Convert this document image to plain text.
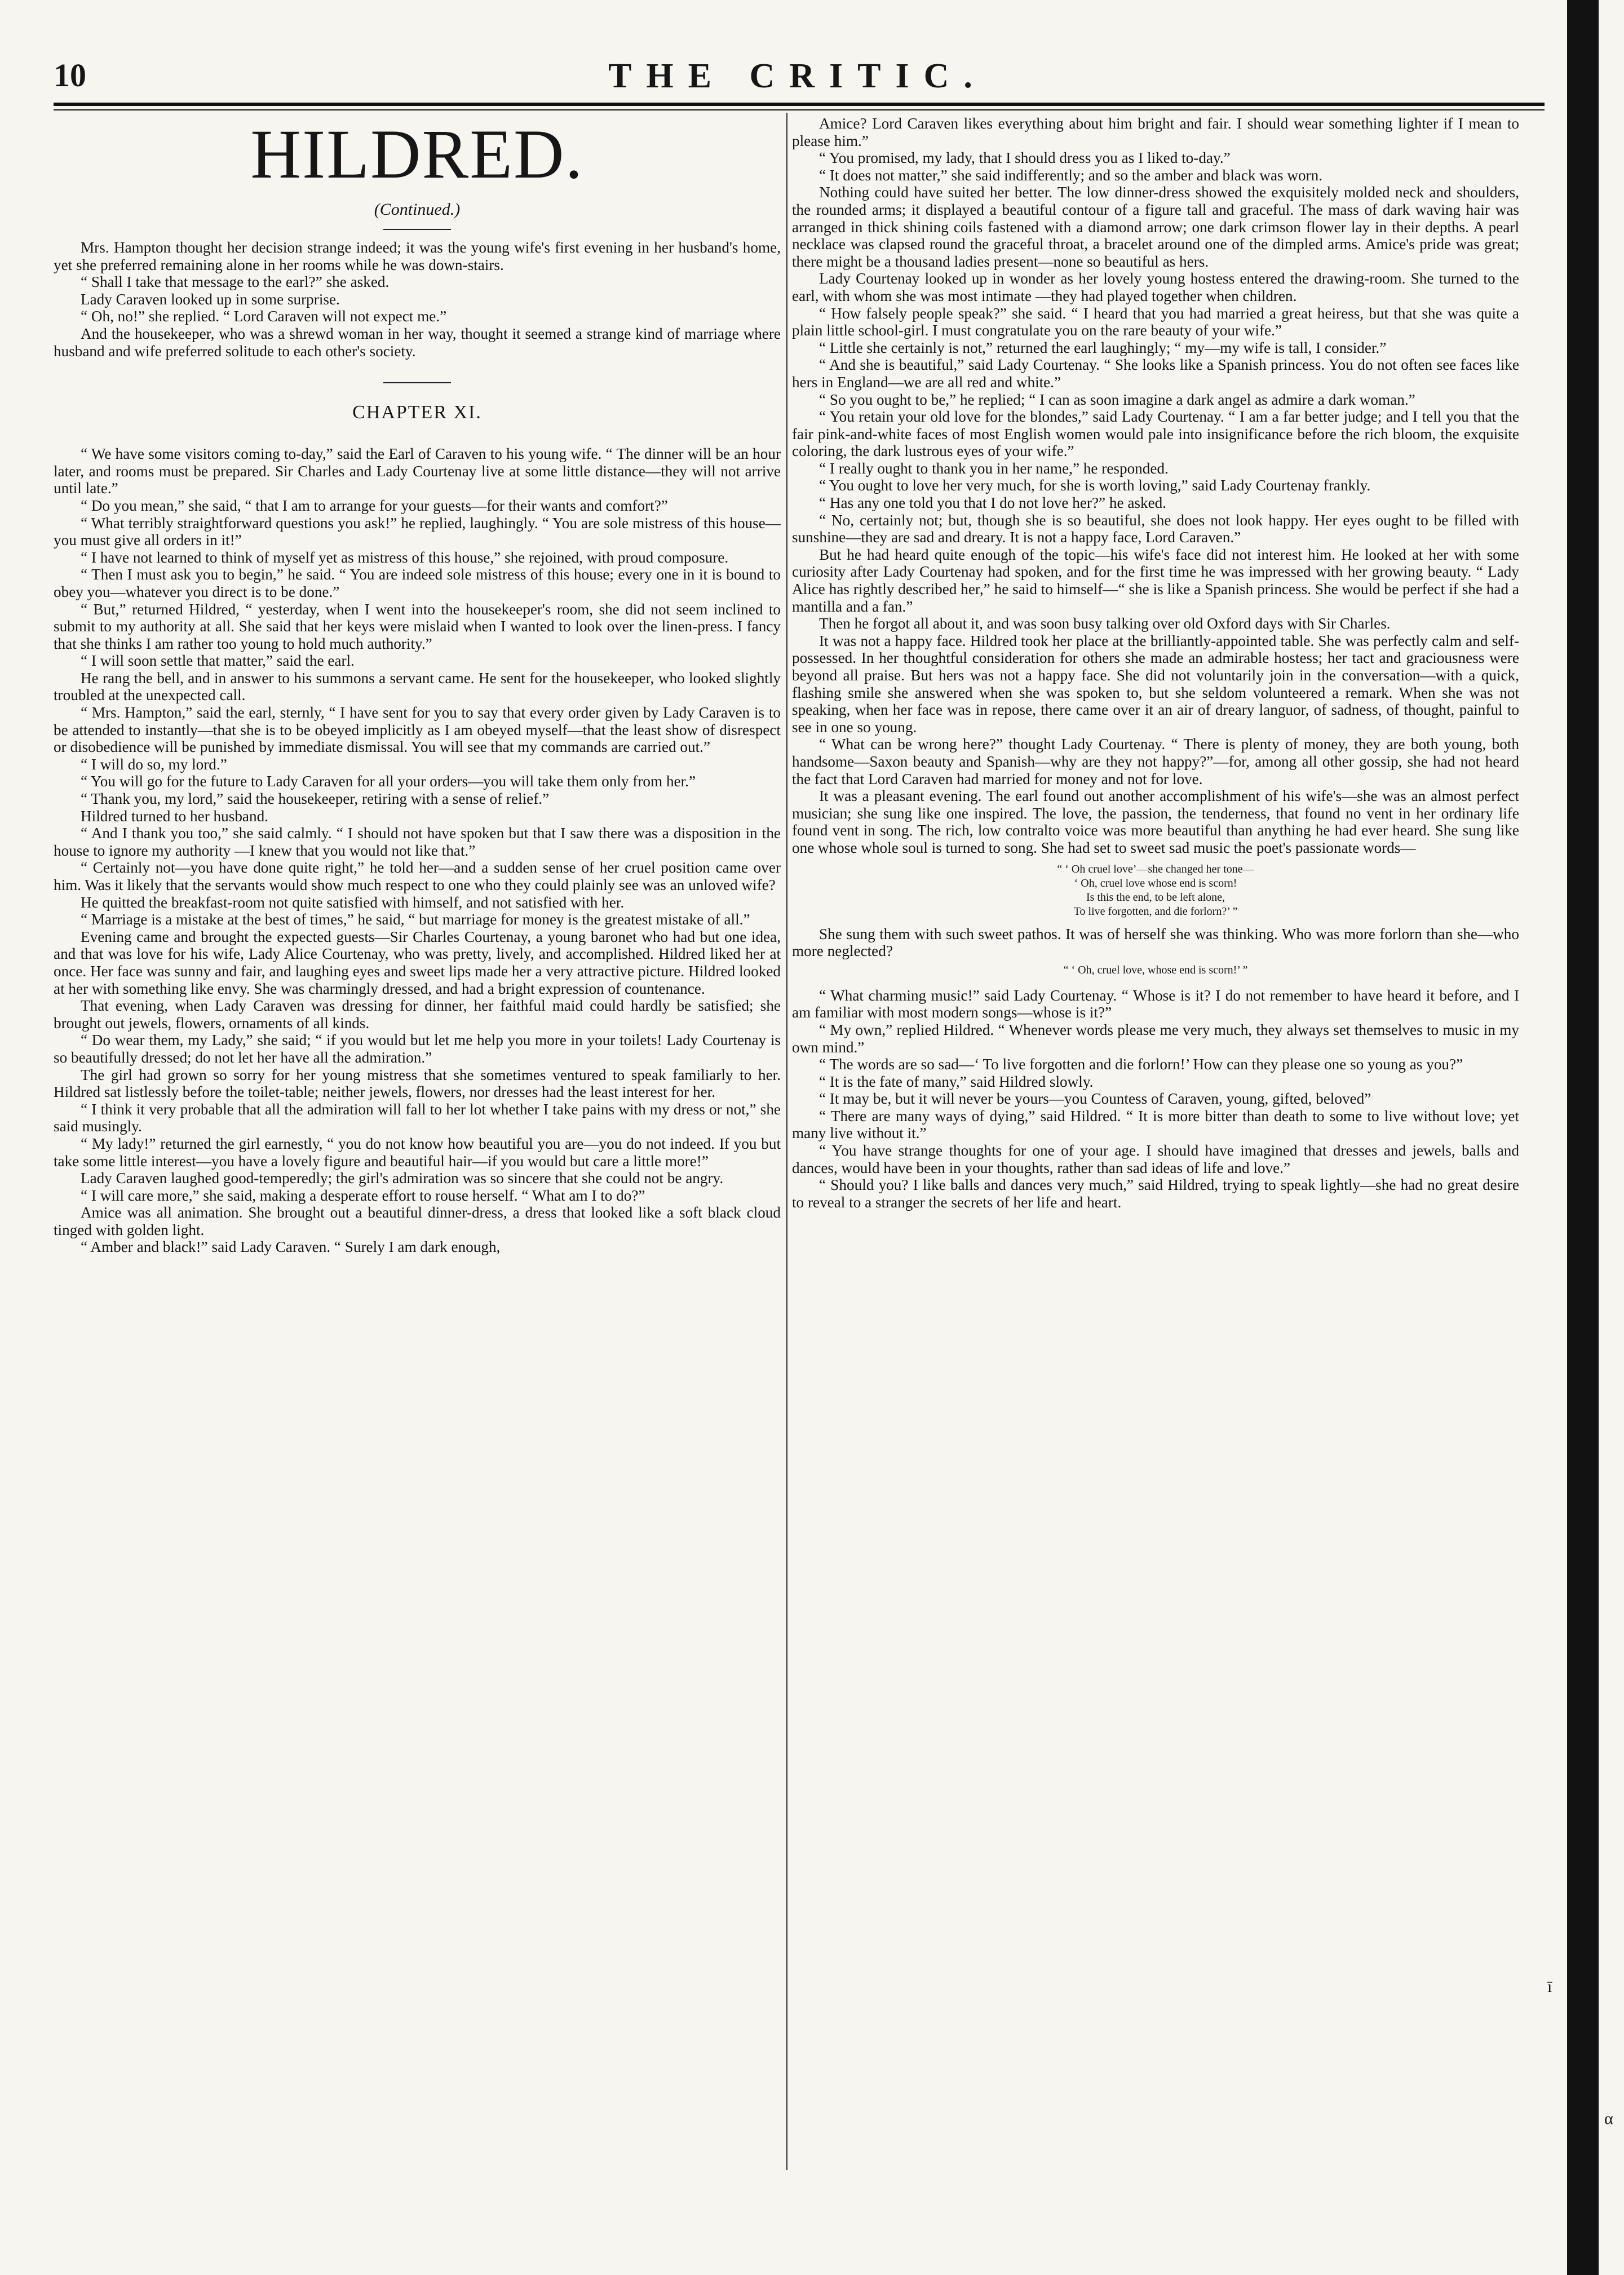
10	THE CRITIC.
HILDRED.
(Continued.)

Mrs. Hampton thought her decision strange indeed; it was the young wife's first evening in her husband's home, yet she preferred remaining alone in her rooms while he was down-stairs.

“ Shall I take that message to the earl?” she asked.

Lady Caraven looked up in some surprise.

“ Oh, no!” she replied. “ Lord Caraven will not expect me.”

And the housekeeper, who was a shrewd woman in her way, thought it seemed a strange kind of marriage where husband and wife preferred solitude to each other's society.

CHAPTER XI.

“ We have some visitors coming to-day,” said the Earl of Caraven to his young wife. “ The dinner will be an hour later, and rooms must be prepared. Sir Charles and Lady Courtenay live at some little distance—they will not arrive until late.”

“ Do you mean,” she said, “ that I am to arrange for your guests—for their wants and comfort?”

“ What terribly straightforward questions you ask!” he replied, laughingly. “ You are sole mistress of this house—you must give all orders in it!”

“ I have not learned to think of myself yet as mistress of this house,” she rejoined, with proud composure.

“ Then I must ask you to begin,” he said. “ You are indeed sole mistress of this house; every one in it is bound to obey you—whatever you direct is to be done.”

“ But,” returned Hildred, “ yesterday, when I went into the housekeeper's room, she did not seem inclined to submit to my authority at all. She said that her keys were mislaid when I wanted to look over the linen-press. I fancy that she thinks I am rather too young to hold much authority.”

“ I will soon settle that matter,” said the earl.

He rang the bell, and in answer to his summons a servant came. He sent for the housekeeper, who looked slightly troubled at the unexpected call.

“ Mrs. Hampton,” said the earl, sternly, “ I have sent for you to say that every order given by Lady Caraven is to be attended to instantly—that she is to be obeyed implicitly as I am obeyed myself—that the least show of disrespect or disobedience will be punished by immediate dismissal. You will see that my commands are carried out.”

“ I will do so, my lord.”

“ You will go for the future to Lady Caraven for all your orders—you will take them only from her.”

“ Thank you, my lord,” said the housekeeper, retiring with a sense of relief.”

Hildred turned to her husband.

“ And I thank you too,” she said calmly. “ I should not have spoken but that I saw there was a disposition in the house to ignore my authority —I knew that you would not like that.”

“ Certainly not—you have done quite right,” he told her—and a sudden sense of her cruel position came over him. Was it likely that the servants would show much respect to one who they could plainly see was an unloved wife?

He quitted the breakfast-room not quite satisfied with himself, and not satisfied with her.

“ Marriage is a mistake at the best of times,” he said, “ but marriage for money is the greatest mistake of all.”

Evening came and brought the expected guests—Sir Charles Courtenay, a young baronet who had but one idea, and that was love for his wife, Lady Alice Courtenay, who was pretty, lively, and accomplished. Hildred liked her at once. Her face was sunny and fair, and laughing eyes and sweet lips made her a very attractive picture. Hildred looked at her with something like envy. She was charmingly dressed, and had a bright expression of countenance.

That evening, when Lady Caraven was dressing for dinner, her faithful maid could hardly be satisfied; she brought out jewels, flowers, ornaments of all kinds.

“ Do wear them, my Lady,” she said; “ if you would but let me help you more in your toilets! Lady Courtenay is so beautifully dressed; do not let her have all the admiration.”

The girl had grown so sorry for her young mistress that she sometimes ventured to speak familiarly to her. Hildred sat listlessly before the toilet-table; neither jewels, flowers, nor dresses had the least interest for her.

“ I think it very probable that all the admiration will fall to her lot whether I take pains with my dress or not,” she said musingly.

“ My lady!” returned the girl earnestly, “ you do not know how beautiful you are—you do not indeed. If you but take some little interest—you have a lovely figure and beautiful hair—if you would but care a little more!”

Lady Caraven laughed good-temperedly; the girl's admiration was so sincere that she could not be angry.

“ I will care more,” she said, making a desperate effort to rouse herself. “ What am I to do?”

Amice was all animation. She brought out a beautiful dinner-dress, a dress that looked like a soft black cloud tinged with golden light.

“ Amber and black!” said Lady Caraven. “ Surely I am dark enough,

Amice? Lord Caraven likes everything about him bright and fair. I should wear something lighter if I mean to please him.”

“ You promised, my lady, that I should dress you as I liked to-day.”

“ It does not matter,” she said indifferently; and so the amber and black was worn.

Nothing could have suited her better. The low dinner-dress showed the exquisitely molded neck and shoulders, the rounded arms; it displayed a beautiful contour of a figure tall and graceful. The mass of dark waving hair was arranged in thick shining coils fastened with a diamond arrow; one dark crimson flower lay in their depths. A pearl necklace was clapsed round the graceful throat, a bracelet around one of the dimpled arms. Amice's pride was great; there might be a thousand ladies present—none so beautiful as hers.

Lady Courtenay looked up in wonder as her lovely young hostess entered the drawing-room. She turned to the earl, with whom she was most intimate —they had played together when children.

“ How falsely people speak?” she said. “ I heard that you had married a great heiress, but that she was quite a plain little school-girl. I must congratulate you on the rare beauty of your wife.”

“ Little she certainly is not,” returned the earl laughingly; “ my—my wife is tall, I consider.”

“ And she is beautiful,” said Lady Courtenay. “ She looks like a Spanish princess. You do not often see faces like hers in England—we are all red and white.”

“ So you ought to be,” he replied; “ I can as soon imagine a dark angel as admire a dark woman.”

“ You retain your old love for the blondes,” said Lady Courtenay. “ I am a far better judge; and I tell you that the fair pink-and-white faces of most English women would pale into insignificance before the rich bloom, the exquisite coloring, the dark lustrous eyes of your wife.”

“ I really ought to thank you in her name,” he responded.

“ You ought to love her very much, for she is worth loving,” said Lady Courtenay frankly.

“ Has any one told you that I do not love her?” he asked.

“ No, certainly not; but, though she is so beautiful, she does not look happy. Her eyes ought to be filled with sunshine—they are sad and dreary. It is not a happy face, Lord Caraven.”

But he had heard quite enough of the topic—his wife's face did not interest him. He looked at her with some curiosity after Lady Courtenay had spoken, and for the first time he was impressed with her growing beauty. “ Lady Alice has rightly described her,” he said to himself—“ she is like a Spanish princess. She would be perfect if she had a mantilla and a fan.”

Then he forgot all about it, and was soon busy talking over old Oxford days with Sir Charles.

It was not a happy face. Hildred took her place at the brilliantly-appointed table. She was perfectly calm and self-possessed. In her thoughtful consideration for others she made an admirable hostess; her tact and graciousness were beyond all praise. But hers was not a happy face. She did not voluntarily join in the conversation—with a quick, flashing smile she answered when she was spoken to, but she seldom volunteered a remark. When she was not speaking, when her face was in repose, there came over it an air of dreary languor, of sadness, of thought, painful to see in one so young.

“ What can be wrong here?” thought Lady Courtenay. “ There is plenty of money, they are both young, both handsome—Saxon beauty and Spanish—why are they not happy?”—for, among all other gossip, she had not heard the fact that Lord Caraven had married for money and not for love.

It was a pleasant evening. The earl found out another accomplishment of his wife's—she was an almost perfect musician; she sung like one inspired. The love, the passion, the tenderness, that found no vent in her ordinary life found vent in song. The rich, low contralto voice was more beautiful than anything he had ever heard. She sung like one whose whole soul is turned to song. She had set to sweet sad music the poet's passionate words—

“ ‘ Oh cruel love’—she changed her tone—
‘ Oh, cruel love whose end is scorn!
Is this the end, to be left alone,
To live forgotten, and die forlorn?’ ”

She sung them with such sweet pathos. It was of herself she was thinking. Who was more forlorn than she—who more neglected?

“ ‘ Oh, cruel love, whose end is scorn!’ ”

“ What charming music!” said Lady Courtenay. “ Whose is it? I do not remember to have heard it before, and I am familiar with most modern songs—whose is it?”

“ My own,” replied Hildred. “ Whenever words please me very much, they always set themselves to music in my own mind.”

“ The words are so sad—‘ To live forgotten and die forlorn!’ How can they please one so young as you?”

“ It is the fate of many,” said Hildred slowly.

“ It may be, but it will never be yours—you Countess of Caraven, young, gifted, beloved”

“ There are many ways of dying,” said Hildred. “ It is more bitter than death to some to live without love; yet many live without it.”

“ You have strange thoughts for one of your age. I should have imagined that dresses and jewels, balls and dances, would have been in your thoughts, rather than sad ideas of life and love.”

“ Should you? I like balls and dances very much,” said Hildred, trying to speak lightly—she had no great desire to reveal to a stranger the secrets of her life and heart.

ī
α
